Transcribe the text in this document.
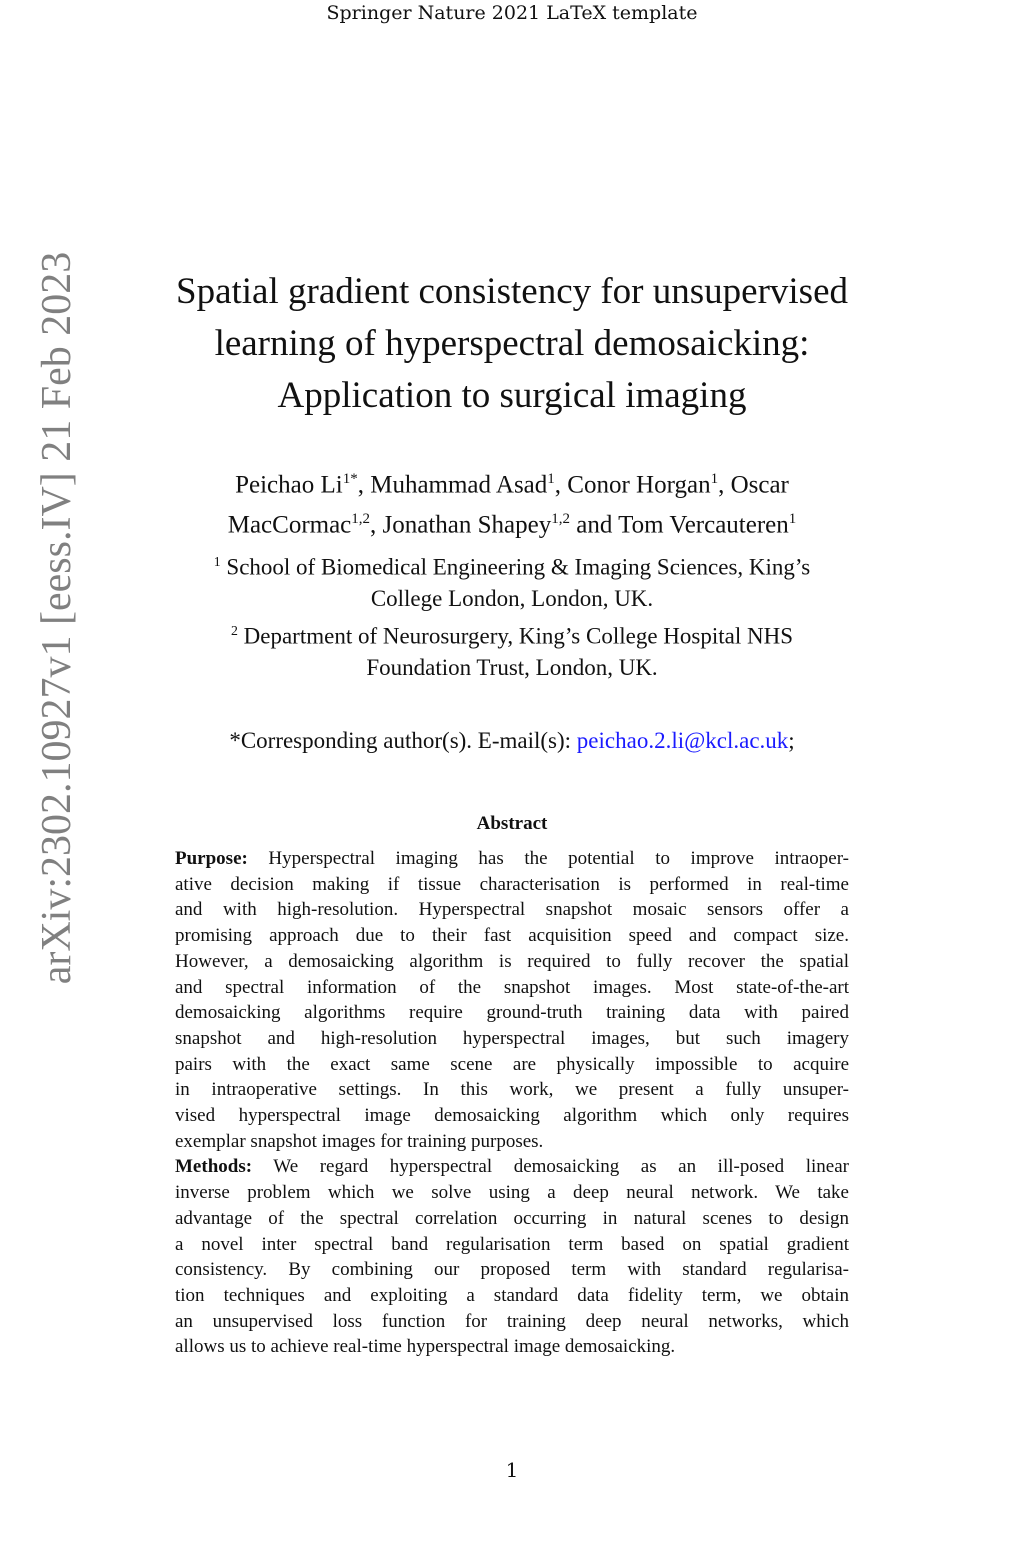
Springer Nature 2021 LaTeX template
arXiv:2302.10927v1 [eess.IV] 21 Feb 2023	Spatial gradient consistency for unsupervised
learning of hyperspectral demosaicking:
Application to surgical imaging
Peichao $Li^{1*}$, Muhammad Asad$^1$, Conor Horgan$^1$, Oscar
MacCormac$^{1,2}$, Jonathan Shapey$^{1,2}$ and Tom Vercauteren$^1$
$^1$ School of Biomedical Engineering & Imaging Sciences, King’s
College London, London, UK.
$^2$ Department of Neurosurgery, King’s College Hospital NHS
Foundation Trust, London, UK.
*Corresponding author(s). E-mail(s): peichao.2.li@kcl.ac.uk;
Abstract
Purpose: Hyperspectral imaging has the potential to improve intraoper-
ative decision making if tissue characterisation is performed in real-time
and with high-resolution. Hyperspectral snapshot mosaic sensors offer a
promising approach due to their fast acquisition speed and compact size.
However, a demosaicking algorithm is required to fully recover the spatial
and spectral information of the snapshot images. Most state-of-the-art
demosaicking algorithms require ground-truth training data with paired
snapshot and high-resolution hyperspectral images, but such imagery
pairs with the exact same scene are physically impossible to acquire
in intraoperative settings. In this work, we present a fully unsuper-
vised hyperspectral image demosaicking algorithm which only requires
exemplar snapshot images for training purposes.
Methods: We regard hyperspectral demosaicking as an ill-posed linear
inverse problem which we solve using a deep neural network. We take
advantage of the spectral correlation occurring in natural scenes to design
a novel inter spectral band regularisation term based on spatial gradient
consistency. By combining our proposed term with standard regularisa-
tion techniques and exploiting a standard data fidelity term, we obtain
an unsupervised loss function for training deep neural networks, which
allows us to achieve real-time hyperspectral image demosaicking.
1
